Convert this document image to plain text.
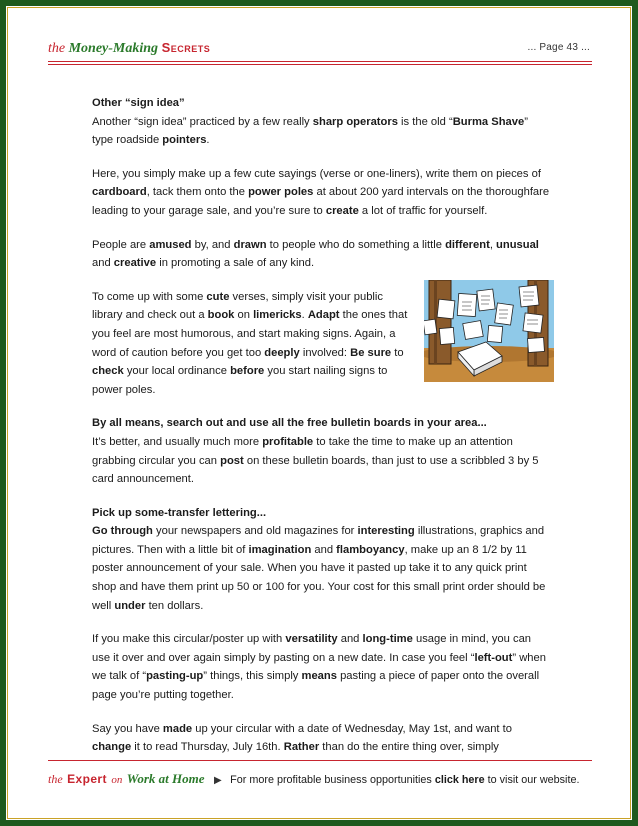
the Money-Making Secrets	... Page 43 ...

Other “sign idea”
Another “sign idea” practiced by a few really sharp operators is the old “Burma Shave” type roadside pointers.

Here, you simply make up a few cute sayings (verse or one-liners), write them on pieces of cardboard, tack them onto the power poles at about 200 yard intervals on the thoroughfare leading to your garage sale, and you’re sure to create a lot of traffic for yourself.

People are amused by, and drawn to people who do something a little different, unusual and creative in promoting a sale of any kind.

To come up with some cute verses, simply visit your public library and check out a book on limericks. Adapt the ones that you feel are most humorous, and start making signs. Again, a word of caution before you get too deeply involved: Be sure to check your local ordinance before you start nailing signs to power poles.

By all means, search out and use all the free bulletin boards in your area...
It’s better, and usually much more profitable to take the time to make up an attention grabbing circular you can post on these bulletin boards, than just to use a scribbled 3 by 5 card announcement.

Pick up some-transfer lettering...
Go through your newspapers and old magazines for interesting illustrations, graphics and pictures. Then with a little bit of imagination and flamboyancy, make up an 8 1/2 by 11 poster announcement of your sale. When you have it pasted up take it to any quick print shop and have them print up 50 or 100 for you. Your cost for this small print order should be well under ten dollars.

If you make this circular/poster up with versatility and long-time usage in mind, you can use it over and over again simply by pasting on a new date. In case you feel “left-out” when we talk of “pasting-up” things, this simply means pasting a piece of paper onto the overall page you’re putting together.

Say you have made up your circular with a date of Wednesday, May 1st, and want to change it to read Thursday, July 16th. Rather than do the entire thing over, simply

the Expert on Work at Home ▶ For more profitable business opportunities click here to visit our website.
